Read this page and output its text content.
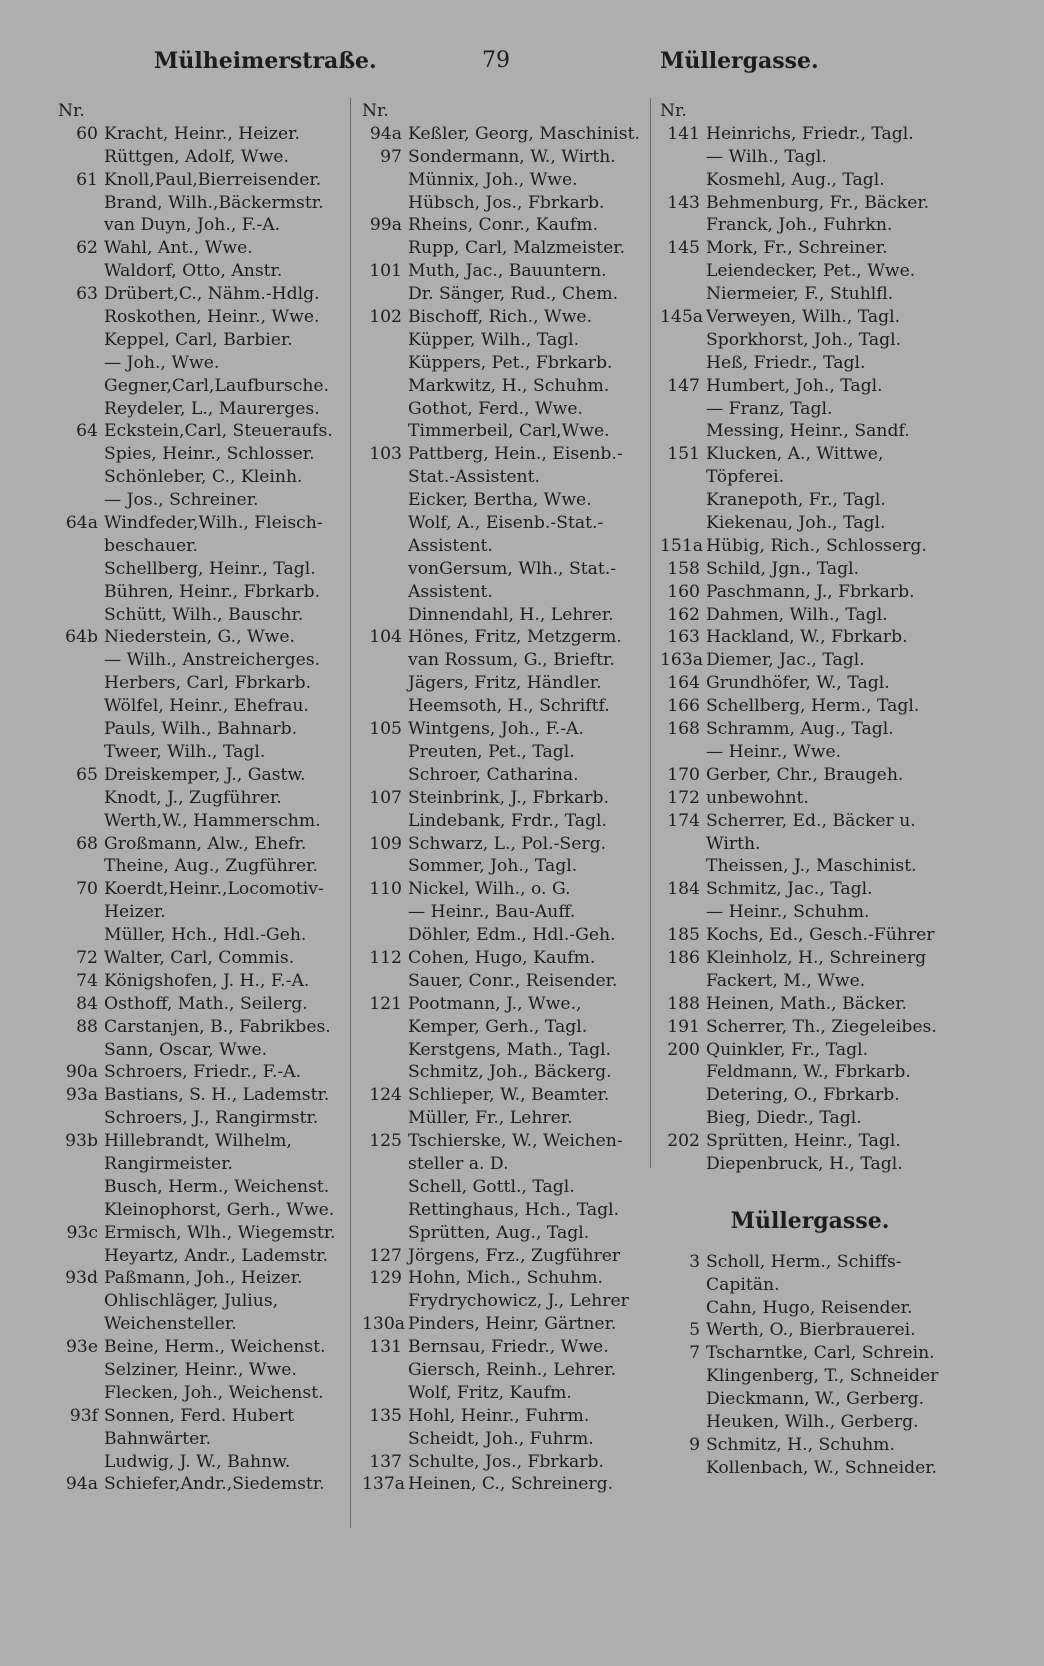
Mülheimerstraße.	79	Müllergasse.
Nr.
60 Kracht, Heinr., Heizer.
Rüttgen, Adolf, Wwe.
61 Knoll,Paul,Bierreisender.
Brand, Wilh.,Bäckermstr.
van Duyn, Joh., F.-A.
62 Wahl, Ant., Wwe.
Waldorf, Otto, Anstr.
63 Drübert,C., Nähm.-Hdlg.
Roskothen, Heinr., Wwe.
Keppel, Carl, Barbier.
— Joh., Wwe.
Gegner,Carl,Laufbursche.
Reydeler, L., Maurerges.
64 Eckstein,Carl, Steueraufs.
Spies, Heinr., Schlosser.
Schönleber, C., Kleinh.
— Jos., Schreiner.
64a Windfeder,Wilh., Fleisch-
beschauer.
Schellberg, Heinr., Tagl.
Bühren, Heinr., Fbrkarb.
Schütt, Wilh., Bauschr.
64b Niederstein, G., Wwe.
— Wilh., Anstreicherges.
Herbers, Carl, Fbrkarb.
Wölfel, Heinr., Ehefrau.
Pauls, Wilh., Bahnarb.
Tweer, Wilh., Tagl.
65 Dreiskemper, J., Gastw.
Knodt, J., Zugführer.
Werth,W., Hammerschm.
68 Großmann, Alw., Ehefr.
Theine, Aug., Zugführer.
70 Koerdt,Heinr.,Locomotiv-
Heizer.
Müller, Hch., Hdl.-Geh.
72 Walter, Carl, Commis.
74 Königshofen, J. H., F.-A.
84 Osthoff, Math., Seilerg.
88 Carstanjen, B., Fabrikbes.
Sann, Oscar, Wwe.
90a Schroers, Friedr., F.-A.
93a Bastians, S. H., Lademstr.
Schroers, J., Rangirmstr.
93b Hillebrandt, Wilhelm,
Rangirmeister.
Busch, Herm., Weichenst.
Kleinophorst, Gerh., Wwe.
93c Ermisch, Wlh., Wiegemstr.
Heyartz, Andr., Lademstr.
93d Paßmann, Joh., Heizer.
Ohlischläger, Julius,
Weichensteller.
93e Beine, Herm., Weichenst.
Selziner, Heinr., Wwe.
Flecken, Joh., Weichenst.
93f Sonnen, Ferd. Hubert
Bahnwärter.
Ludwig, J. W., Bahnw.
94a Schiefer,Andr.,Siedemstr.
Nr.
94a Keßler, Georg, Maschinist.
97 Sondermann, W., Wirth.
Münnix, Joh., Wwe.
Hübsch, Jos., Fbrkarb.
99a Rheins, Conr., Kaufm.
Rupp, Carl, Malzmeister.
101 Muth, Jac., Bauuntern.
Dr. Sänger, Rud., Chem.
102 Bischoff, Rich., Wwe.
Küpper, Wilh., Tagl.
Küppers, Pet., Fbrkarb.
Markwitz, H., Schuhm.
Gothot, Ferd., Wwe.
Timmerbeil, Carl,Wwe.
103 Pattberg, Hein., Eisenb.-
Stat.-Assistent.
Eicker, Bertha, Wwe.
Wolf, A., Eisenb.-Stat.-
Assistent.
vonGersum, Wlh., Stat.-
Assistent.
Dinnendahl, H., Lehrer.
104 Hönes, Fritz, Metzgerm.
van Rossum, G., Brieftr.
Jägers, Fritz, Händler.
Heemsoth, H., Schriftf.
105 Wintgens, Joh., F.-A.
Preuten, Pet., Tagl.
Schroer, Catharina.
107 Steinbrink, J., Fbrkarb.
Lindebank, Frdr., Tagl.
109 Schwarz, L., Pol.-Serg.
Sommer, Joh., Tagl.
110 Nickel, Wilh., o. G.
— Heinr., Bau-Auff.
Döhler, Edm., Hdl.-Geh.
112 Cohen, Hugo, Kaufm.
Sauer, Conr., Reisender.
121 Pootmann, J., Wwe.,
Kemper, Gerh., Tagl.
Kerstgens, Math., Tagl.
Schmitz, Joh., Bäckerg.
124 Schlieper, W., Beamter.
Müller, Fr., Lehrer.
125 Tschierske, W., Weichen-
steller a. D.
Schell, Gottl., Tagl.
Rettinghaus, Hch., Tagl.
Sprütten, Aug., Tagl.
127 Jörgens, Frz., Zugführer
129 Hohn, Mich., Schuhm.
Frydrychowicz, J., Lehrer
130a Pinders, Heinr, Gärtner.
131 Bernsau, Friedr., Wwe.
Giersch, Reinh., Lehrer.
Wolf, Fritz, Kaufm.
135 Hohl, Heinr., Fuhrm.
Scheidt, Joh., Fuhrm.
137 Schulte, Jos., Fbrkarb.
137a Heinen, C., Schreinerg.
Nr.
141 Heinrichs, Friedr., Tagl.
— Wilh., Tagl.
Kosmehl, Aug., Tagl.
143 Behmenburg, Fr., Bäcker.
Franck, Joh., Fuhrkn.
145 Mork, Fr., Schreiner.
Leiendecker, Pet., Wwe.
Niermeier, F., Stuhlfl.
145a Verweyen, Wilh., Tagl.
Sporkhorst, Joh., Tagl.
Heß, Friedr., Tagl.
147 Humbert, Joh., Tagl.
— Franz, Tagl.
Messing, Heinr., Sandf.
151 Klucken, A., Wittwe,
Töpferei.
Kranepoth, Fr., Tagl.
Kiekenau, Joh., Tagl.
151a Hübig, Rich., Schlosserg.
158 Schild, Jgn., Tagl.
160 Paschmann, J., Fbrkarb.
162 Dahmen, Wilh., Tagl.
163 Hackland, W., Fbrkarb.
163a Diemer, Jac., Tagl.
164 Grundhöfer, W., Tagl.
166 Schellberg, Herm., Tagl.
168 Schramm, Aug., Tagl.
— Heinr., Wwe.
170 Gerber, Chr., Braugeh.
172 unbewohnt.
174 Scherrer, Ed., Bäcker u.
Wirth.
Theissen, J., Maschinist.
184 Schmitz, Jac., Tagl.
— Heinr., Schuhm.
185 Kochs, Ed., Gesch.-Führer
186 Kleinholz, H., Schreinerg
Fackert, M., Wwe.
188 Heinen, Math., Bäcker.
191 Scherrer, Th., Ziegeleibes.
200 Quinkler, Fr., Tagl.
Feldmann, W., Fbrkarb.
Detering, O., Fbrkarb.
Bieg, Diedr., Tagl.
202 Sprütten, Heinr., Tagl.
Diepenbruck, H., Tagl.
Müllergasse.
3 Scholl, Herm., Schiffs-
Capitän.
Cahn, Hugo, Reisender.
5 Werth, O., Bierbrauerei.
7 Tscharntke, Carl, Schrein.
Klingenberg, T., Schneider
Dieckmann, W., Gerberg.
Heuken, Wilh., Gerberg.
9 Schmitz, H., Schuhm.
Kollenbach, W., Schneider.
